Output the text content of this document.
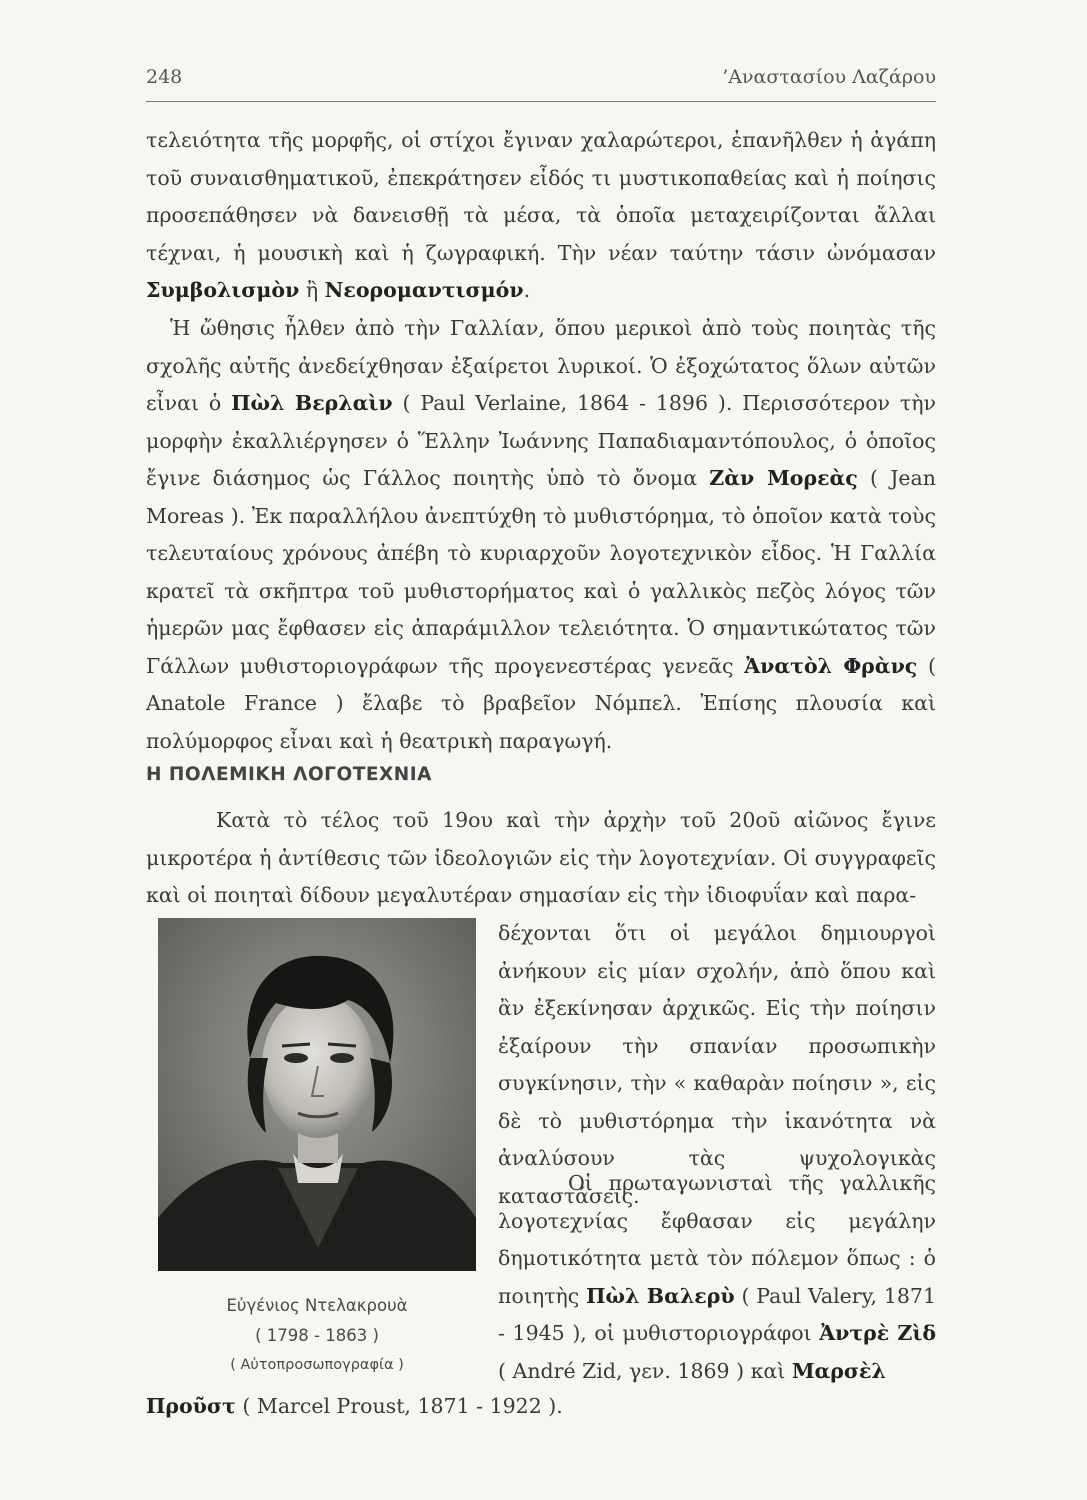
248	’Αναστασίου Λαζάρου

τελειότητα τῆς μορφῆς, οἱ στίχοι ἔγιναν χαλαρώτεροι, ἐπανῆλθεν ἡ ἀγάπη τοῦ συναισθηματικοῦ, ἐπεκράτησεν εἶδός τι μυστικοπαθείας καὶ ἡ ποίησις προσεπάθησεν νὰ δανεισθῇ τὰ μέσα, τὰ ὁποῖα μεταχειρίζονται ἄλλαι τέχναι, ἡ μουσικὴ καὶ ἡ ζωγραφική. Τὴν νέαν ταύτην τάσιν ὠνόμασαν Συμβολισμὸν ἢ Νεορομαντισμόν.

Ἡ ὤθησις ἦλθεν ἀπὸ τὴν Γαλλίαν, ὅπου μερικοὶ ἀπὸ τοὺς ποιητὰς τῆς σχολῆς αὐτῆς ἀνεδείχθησαν ἐξαίρετοι λυρικοί. Ὁ ἐξοχώτατος ὅλων αὐτῶν εἶναι ὁ Πὼλ Βερλαὶν ( Paul Verlaine, 1864 - 1896 ). Περισσότερον τὴν μορφὴν ἐκαλλιέργησεν ὁ Ἕλλην Ἰωάννης Παπαδιαμαντόπουλος, ὁ ὁποῖος ἔγινε διάσημος ὡς Γάλλος ποιητὴς ὑπὸ τὸ ὄνομα Ζὰν Μορεὰς ( Jean Moreas ). Ἐκ παραλλήλου ἀνεπτύχθη τὸ μυθιστόρημα, τὸ ὁποῖον κατὰ τοὺς τελευταίους χρόνους ἀπέβη τὸ κυριαρχοῦν λογοτεχνικὸν εἶδος. Ἡ Γαλλία κρατεῖ τὰ σκῆπτρα τοῦ μυθιστορήματος καὶ ὁ γαλλικὸς πεζὸς λόγος τῶν ἡμερῶν μας ἔφθασεν εἰς ἀπαράμιλλον τελειότητα. Ὁ σημαντικώτατος τῶν Γάλλων μυθιστοριογράφων τῆς προγενεστέρας γενεᾶς Ἀνατὸλ Φρὰνς ( Anatole France ) ἔλαβε τὸ βραβεῖον Νόμπελ. Ἐπίσης πλουσία καὶ πολύμορφος εἶναι καὶ ἡ θεατρικὴ παραγωγή.

Η ΠΟΛΕΜΙΚΗ ΛΟΓΟΤΕΧΝΙΑ

Κατὰ τὸ τέλος τοῦ 19ου καὶ τὴν ἀρχὴν τοῦ 20οῦ αἰῶνος ἔγινε μικροτέρα ἡ ἀντίθεσις τῶν ἰδεολογιῶν εἰς τὴν λογοτεχνίαν. Οἱ συγγραφεῖς καὶ οἱ ποιηταὶ δίδουν μεγαλυτέραν σημασίαν εἰς τὴν ἰδιοφυΐαν καὶ παρα-

Εὐγένιος Ντελακρουὰ
( 1798 - 1863 )
( Αὐτοπροσωπογραφία )

δέχονται ὅτι οἱ μεγάλοι δημιουργοὶ ἀνήκουν εἰς μίαν σχολήν, ἀπὸ ὅπου καὶ ἂν ἐξεκίνησαν ἀρχικῶς. Εἰς τὴν ποίησιν ἐξαίρουν τὴν σπανίαν προσωπικὴν συγκίνησιν, τὴν « καθαρὰν ποίησιν », εἰς δὲ τὸ μυθιστόρημα τὴν ἱκανότητα νὰ ἀναλύσουν τὰς ψυχολογικὰς καταστάσεις.

Οἱ πρωταγωνισταὶ τῆς γαλλικῆς λογοτεχνίας ἔφθασαν εἰς μεγάλην δημοτικότητα μετὰ τὸν πόλεμον ὅπως : ὁ ποιητὴς Πὼλ Βαλερὺ ( Paul Valery, 1871 - 1945 ), οἱ μυθιστοριογράφοι Ἀντρὲ Ζὶδ ( André Zid, γεν. 1869 ) καὶ Μαρσὲλ

Προῦστ ( Marcel Proust, 1871 - 1922 ).
